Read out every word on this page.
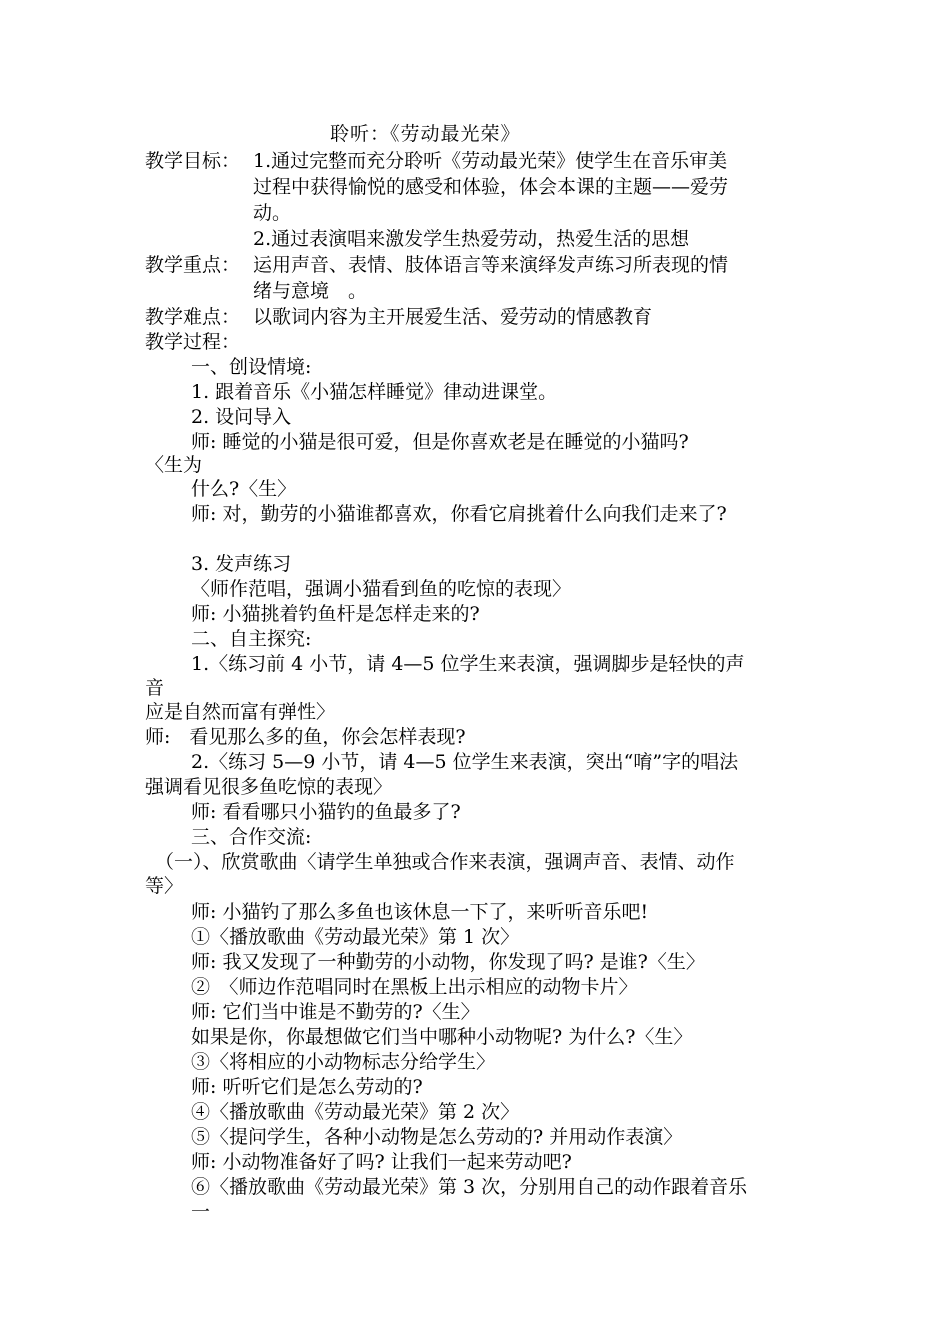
聆听：《劳动最光荣》
教学目标： 1.通过完整而充分聆听《劳动最光荣》使学生在音乐审美
过程中获得愉悦的感受和体验，体会本课的主题——爱劳
动。
2.通过表演唱来激发学生热爱劳动，热爱生活的思想
教学重点： 运用声音、表情、肢体语言等来演绎发声练习所表现的情
绪与意境　。
教学难点： 以歌词内容为主开展爱生活、爱劳动的情感教育
教学过程：
一、创设情境:
1. 跟着音乐《小猫怎样睡觉》律动进课堂。
2. 设问导入
师: 睡觉的小猫是很可爱，但是你喜欢老是在睡觉的小猫吗?
〈生为
什么?〈生〉
师: 对，勤劳的小猫谁都喜欢，你看它肩挑着什么向我们走来了?
3. 发声练习
〈师作范唱，强调小猫看到鱼的吃惊的表现〉
师: 小猫挑着钓鱼杆是怎样走来的?
二、自主探究:
1.〈练习前 4 小节，请 4—5 位学生来表演，强调脚步是轻快的声
音
应是自然而富有弹性〉
师:　看见那么多的鱼，你会怎样表现?
2.〈练习 5—9 小节，请 4—5 位学生来表演，突出“唷”字的唱法
强调看见很多鱼吃惊的表现〉
师: 看看哪只小猫钓的鱼最多了?
三、合作交流:
（一）、欣赏歌曲〈请学生单独或合作来表演，强调声音、表情、动作
等〉
师: 小猫钓了那么多鱼也该休息一下了，来听听音乐吧!
①〈播放歌曲《劳动最光荣》第 1 次〉
师: 我又发现了一种勤劳的小动物，你发现了吗? 是谁?〈生〉
②　〈师边作范唱同时在黑板上出示相应的动物卡片〉
师: 它们当中谁是不勤劳的?〈生〉
如果是你，你最想做它们当中哪种小动物呢? 为什么?〈生〉
③〈将相应的小动物标志分给学生〉
师: 听听它们是怎么劳动的?
④〈播放歌曲《劳动最光荣》第 2 次〉
⑤〈提问学生，各种小动物是怎么劳动的? 并用动作表演〉
师: 小动物准备好了吗? 让我们一起来劳动吧?
⑥〈播放歌曲《劳动最光荣》第 3 次，分别用自己的动作跟着音乐
一
